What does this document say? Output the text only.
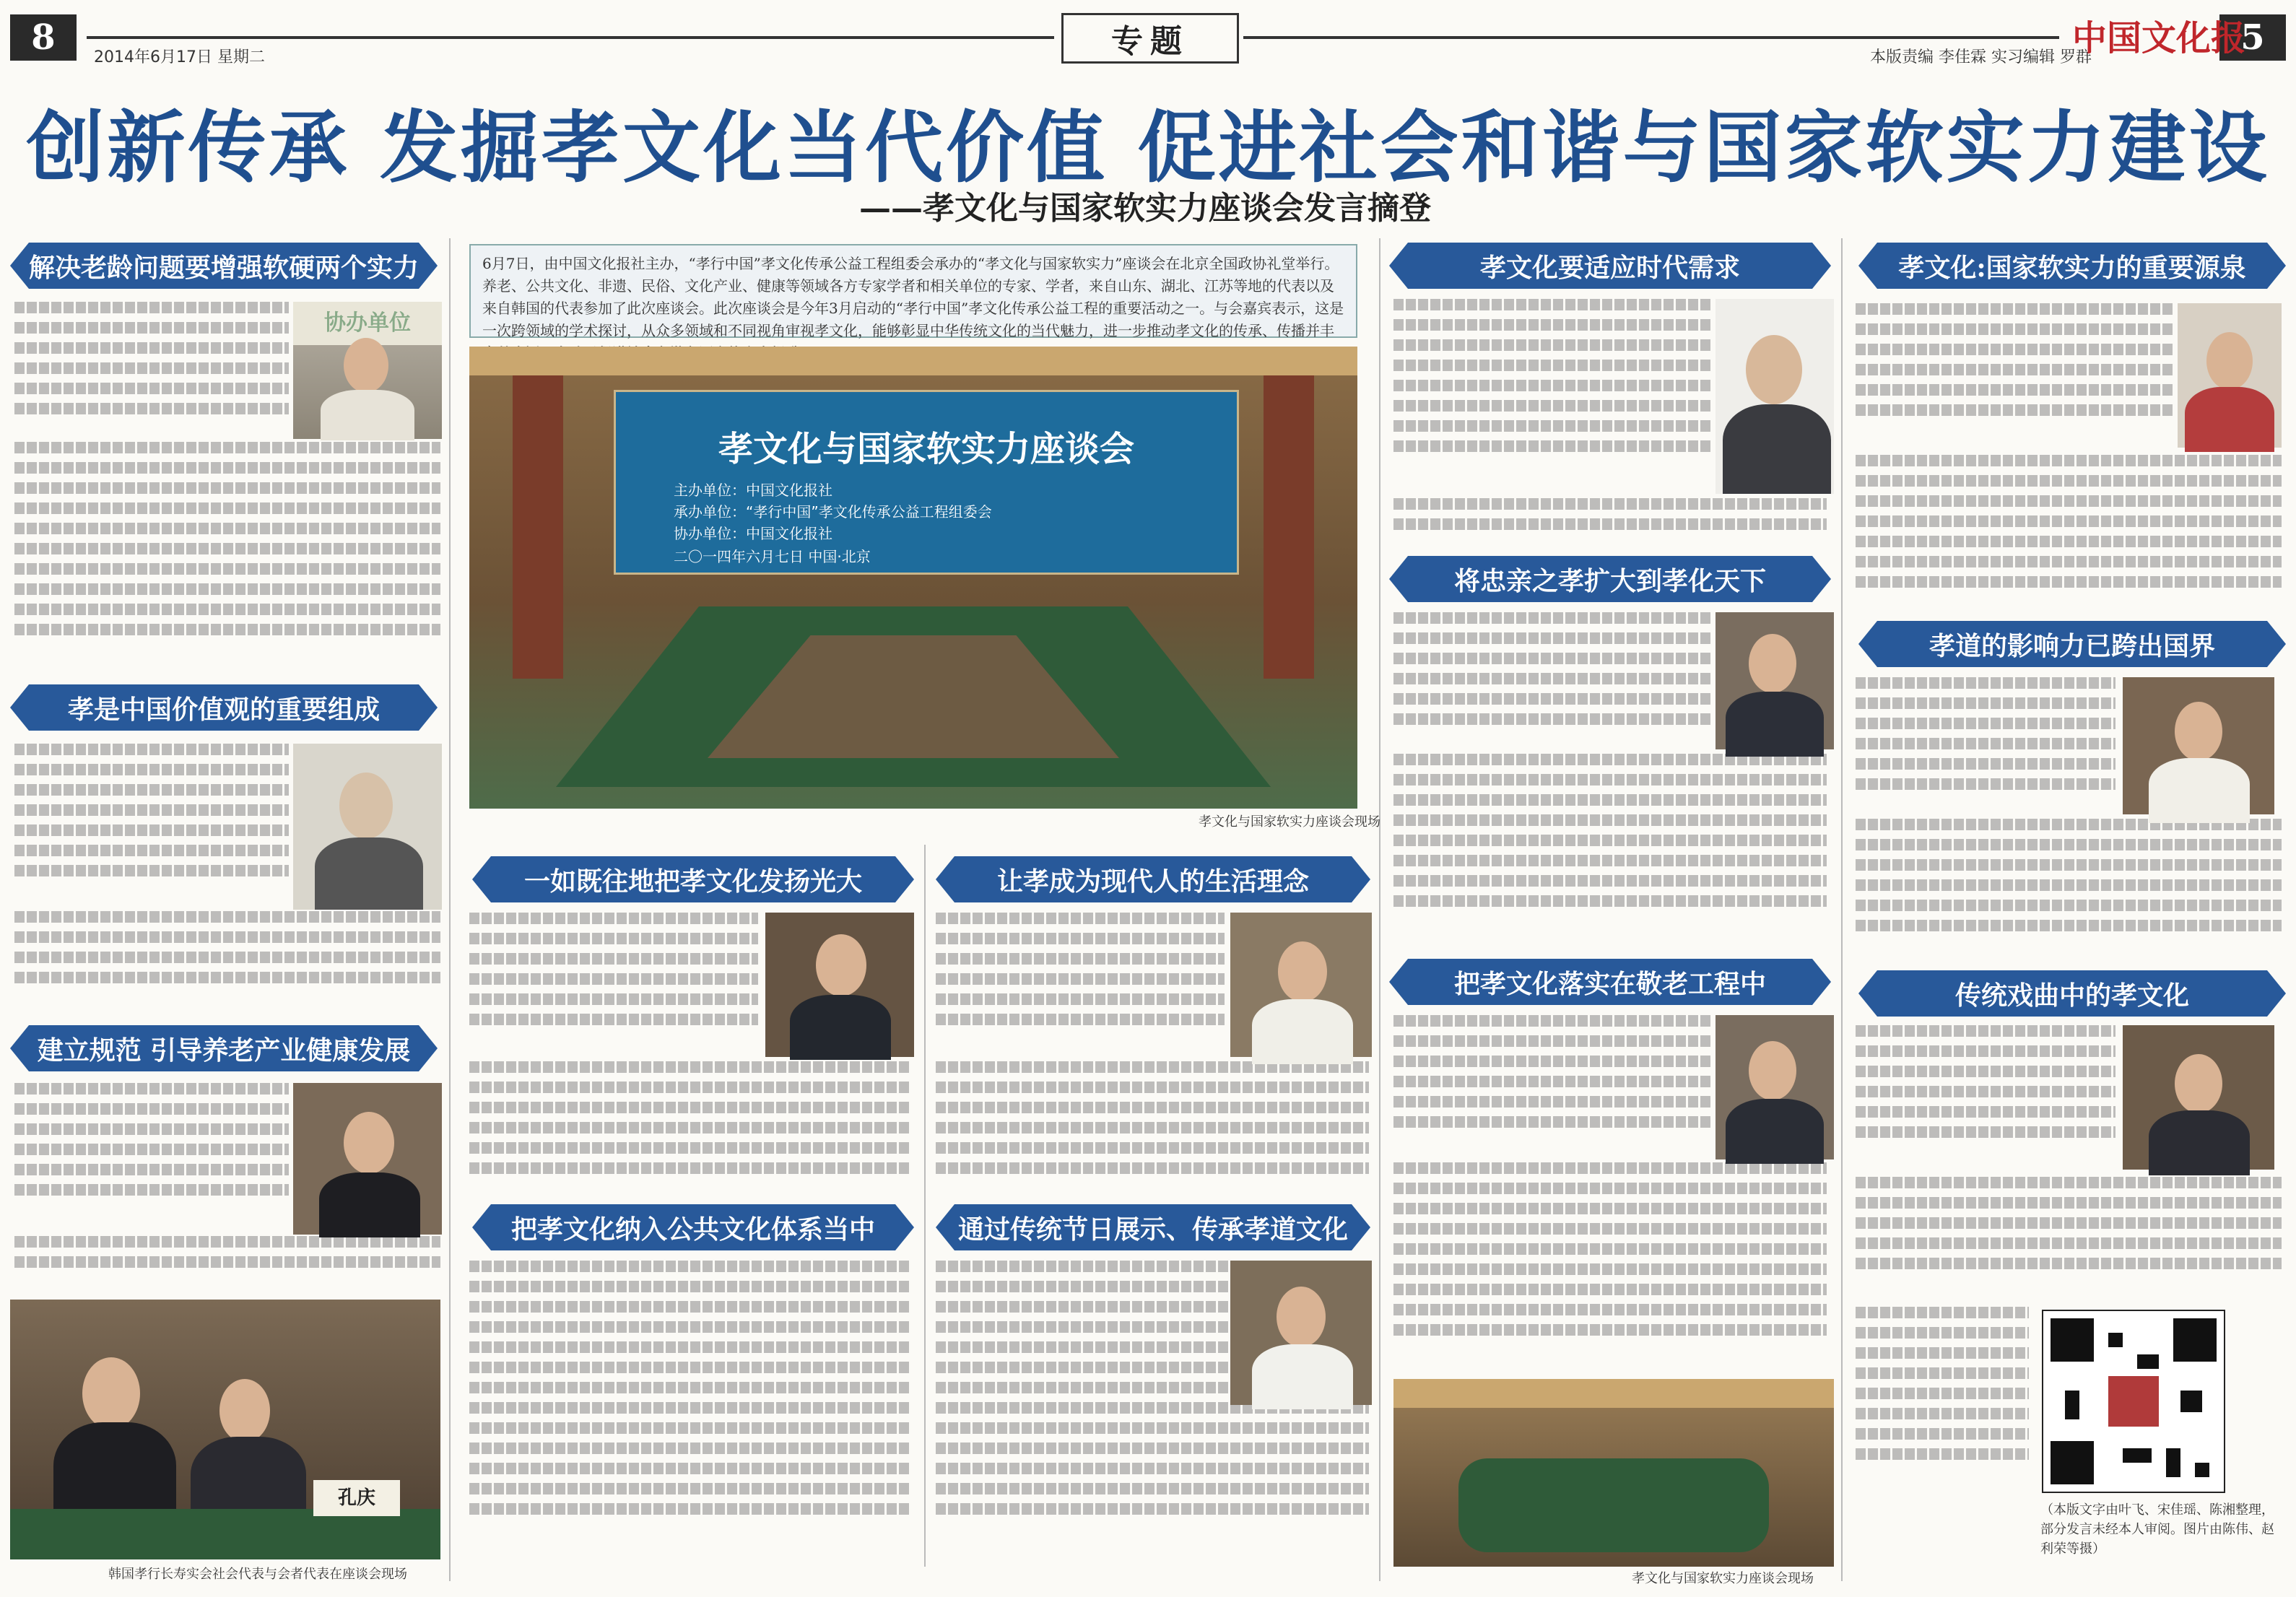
8	5
2014年6月17日 星期二	专题	本版责编 李佳霖 实习编辑 罗群
中国文化报
创新传承 发掘孝文化当代价值 促进社会和谐与国家软实力建设
——孝文化与国家软实力座谈会发言摘登
6月7日，由中国文化报社主办，“孝行中国”孝文化传承公益工程组委会承办的“孝文化与国家软实力”座谈会在北京全国政协礼堂举行。养老、公共文化、非遗、民俗、文化产业、健康等领域各方专家学者和相关单位的专家、学者，来自山东、湖北、江苏等地的代表以及来自韩国的代表参加了此次座谈会。此次座谈会是今年3月启动的“孝行中国”孝文化传承公益工程的重要活动之一。与会嘉宾表示，这是一次跨领域的学术探讨，从众多领域和不同视角审视孝文化，能够彰显中华传统文化的当代魅力，进一步推动孝文化的传承、传播并丰
解决老龄问题要增强软硬两个实力
孝是中国价值观的重要组成
建立规范 引导养老产业健康发展
一如既往地把孝文化发扬光大	让孝成为现代人的生活理念
把孝文化纳入公共文化体系当中	通过传统节日展示、传承孝道文化
孝文化要适应时代需求
将忠亲之孝扩大到孝化天下
把孝文化落实在敬老工程中
孝文化:国家软实力的重要源泉
孝道的影响力已跨出国界
传统戏曲中的孝文化
协办单位
孝文化与国家软实力座谈会
主办单位：中国文化报社
承办单位：“孝行中国”孝文化传承公益工程组委会
协办单位：中国文化报社
二〇一四年六月七日 中国·北京
孝文化与国家软实力座谈会现场
孔庆
韩国孝行长寿实会社会代表与会者代表在座谈会现场	孝文化与国家软实力座谈会现场
（本版文字由叶飞、宋佳瑶、陈湘整理，部分发言未经本人审阅。图片由陈伟、赵利荣等摄）
